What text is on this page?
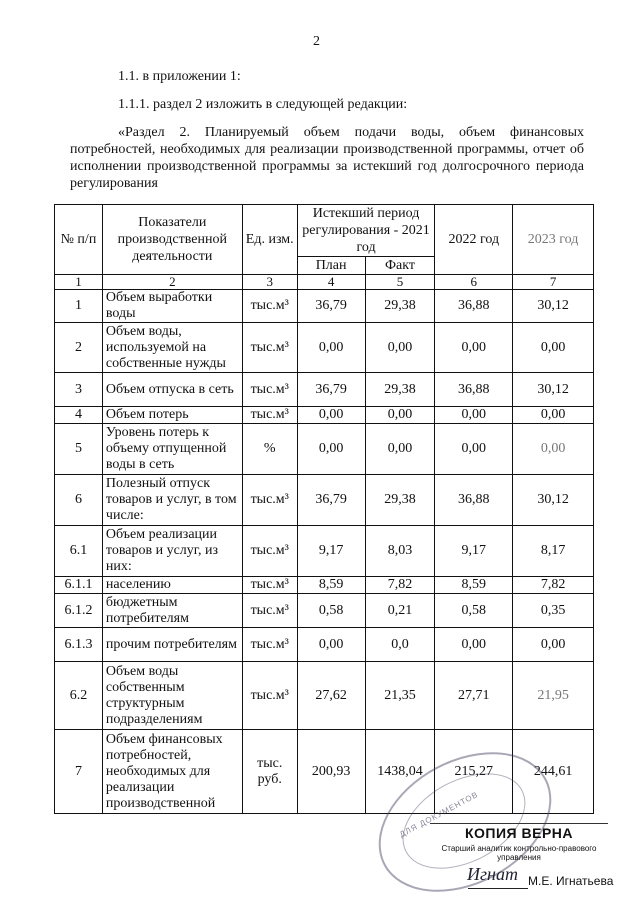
2
1.1. в приложении 1:
1.1.1. раздел 2 изложить в следующей редакции:
«Раздел 2. Планируемый объем подачи воды, объем финансовых потребностей, необходимых для реализации производственной программы, отчет об исполнении производственной программы за истекший год долгосрочного периода регулирования
№ п/п	Показатели производственной деятельности	Ед. изм.	Истекший период регулирования - 2021 год		2022 год	2023 год
			План	Факт		
1	2	3	4	5	6	7
1	Объем выработки воды	тыс.м³	36,79	29,38	36,88	30,12
2	Объем воды, используемой на собственные нужды	тыс.м³	0,00	0,00	0,00	0,00
3	Объем отпуска в сеть	тыс.м³	36,79	29,38	36,88	30,12
4	Объем потерь	тыс.м³	0,00	0,00	0,00	0,00
5	Уровень потерь к объему отпущенной воды в сеть	%	0,00	0,00	0,00	0,00
6	Полезный отпуск товаров и услуг, в том числе:	тыс.м³	36,79	29,38	36,88	30,12
6.1	Объем реализации товаров и услуг, из них:	тыс.м³	9,17	8,03	9,17	8,17
6.1.1	населению	тыс.м³	8,59	7,82	8,59	7,82
6.1.2	бюджетным потребителям	тыс.м³	0,58	0,21	0,58	0,35
6.1.3	прочим потребителям	тыс.м³	0,00	0,0	0,00	0,00
6.2	Объем воды собственным структурным подразделениям	тыс.м³	27,62	21,35	27,71	21,95
7	Объем финансовых потребностей, необходимых для реализации производственной	тыс. руб.	200,93	1438,04	215,27	244,61
ДЛЯ ДОКУМЕНТОВ
КОПИЯ ВЕРНА
Старший аналитик контрольно-правового управления
Игнат М.Е. Игнатьева
